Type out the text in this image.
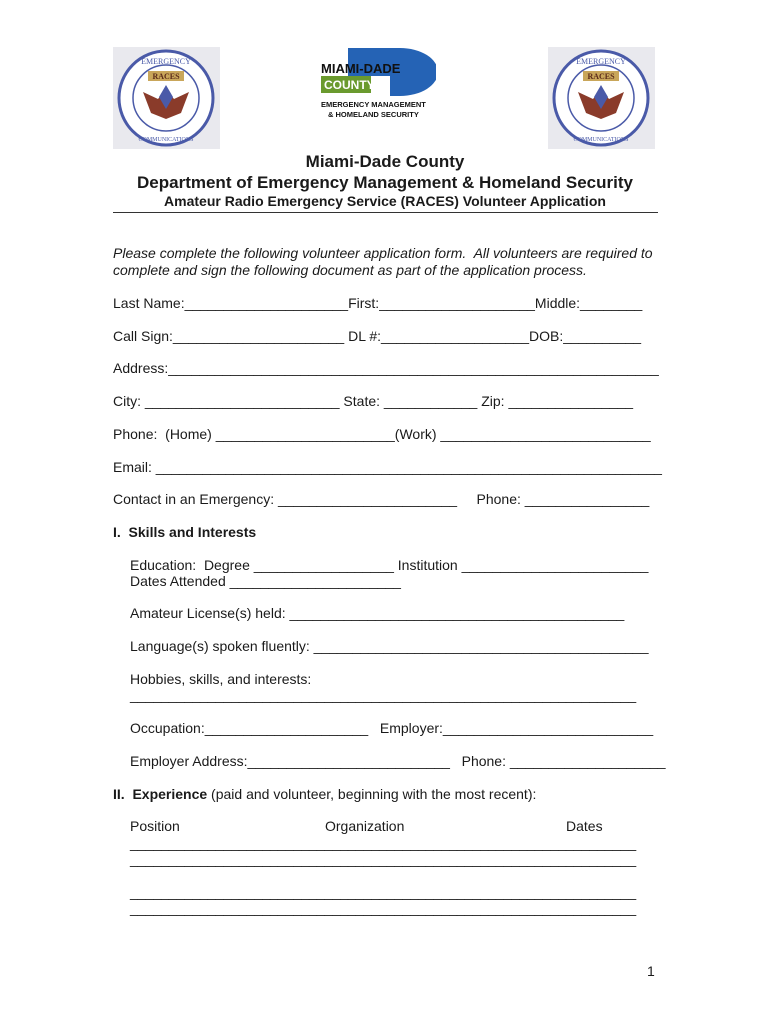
EMERGENCY
RACES
COMMUNICATIONS
EMERGENCY
RACES
COMMUNICATIONS
MIAMI-DADE
COUNTY
EMERGENCY MANAGEMENT
& HOMELAND SECURITY
Miami-Dade County
Department of Emergency Management & Homeland Security
Amateur Radio Emergency Service (RACES) Volunteer Application
Please complete the following volunteer application form.  All volunteers are required to
complete and sign the following document as part of the application process.
Last Name:_____________________First:____________________Middle:________
Call Sign:______________________ DL #:___________________DOB:__________
Address:_______________________________________________________________
City: _________________________ State: ____________ Zip: ________________
Phone:  (Home) _______________________(Work) ___________________________
Email: _________________________________________________________________
Contact in an Emergency: _______________________     Phone: ________________
I.  Skills and Interests
Education:  Degree __________________ Institution ________________________
Dates Attended ______________________
Amateur License(s) held: ___________________________________________
Language(s) spoken fluently: ___________________________________________
Hobbies, skills, and interests:
_________________________________________________________________
Occupation:_____________________   Employer:___________________________
Employer Address:__________________________   Phone: ____________________
II. Experience (paid and volunteer, beginning with the most recent):
Position	Organization	Dates
_________________________________________________________________
_________________________________________________________________
_________________________________________________________________
_________________________________________________________________
1
